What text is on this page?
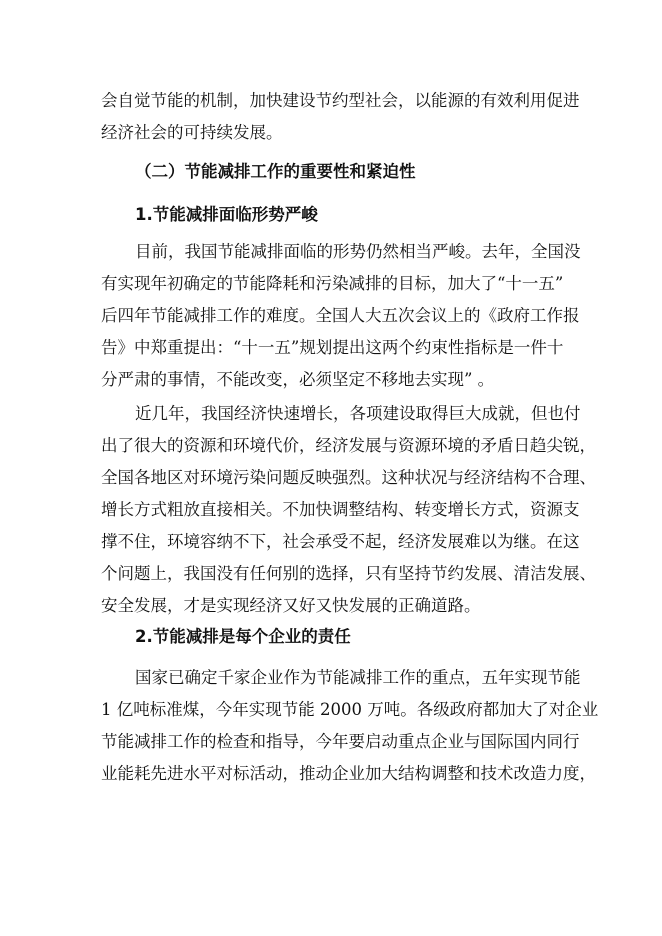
会自觉节能的机制，加快建设节约型社会，以能源的有效利用促进
经济社会的可持续发展。
（二）节能减排工作的重要性和紧迫性
1.节能减排面临形势严峻
目前，我国节能减排面临的形势仍然相当严峻。去年，全国没
有实现年初确定的节能降耗和污染减排的目标，加大了“十一五”
后四年节能减排工作的难度。全国人大五次会议上的《政府工作报
告》中郑重提出：“十一五”规划提出这两个约束性指标是一件十
分严肃的事情，不能改变，必须坚定不移地去实现” 。
近几年，我国经济快速增长，各项建设取得巨大成就，但也付
出了很大的资源和环境代价，经济发展与资源环境的矛盾日趋尖锐，
全国各地区对环境污染问题反映强烈。这种状况与经济结构不合理、
增长方式粗放直接相关。不加快调整结构、转变增长方式，资源支
撑不住，环境容纳不下，社会承受不起，经济发展难以为继。在这
个问题上，我国没有任何别的选择，只有坚持节约发展、清洁发展、
安全发展，才是实现经济又好又快发展的正确道路。
2.节能减排是每个企业的责任
国家已确定千家企业作为节能减排工作的重点，五年实现节能
1 亿吨标准煤，今年实现节能 2000 万吨。各级政府都加大了对企业
节能减排工作的检查和指导，今年要启动重点企业与国际国内同行
业能耗先进水平对标活动，推动企业加大结构调整和技术改造力度，
